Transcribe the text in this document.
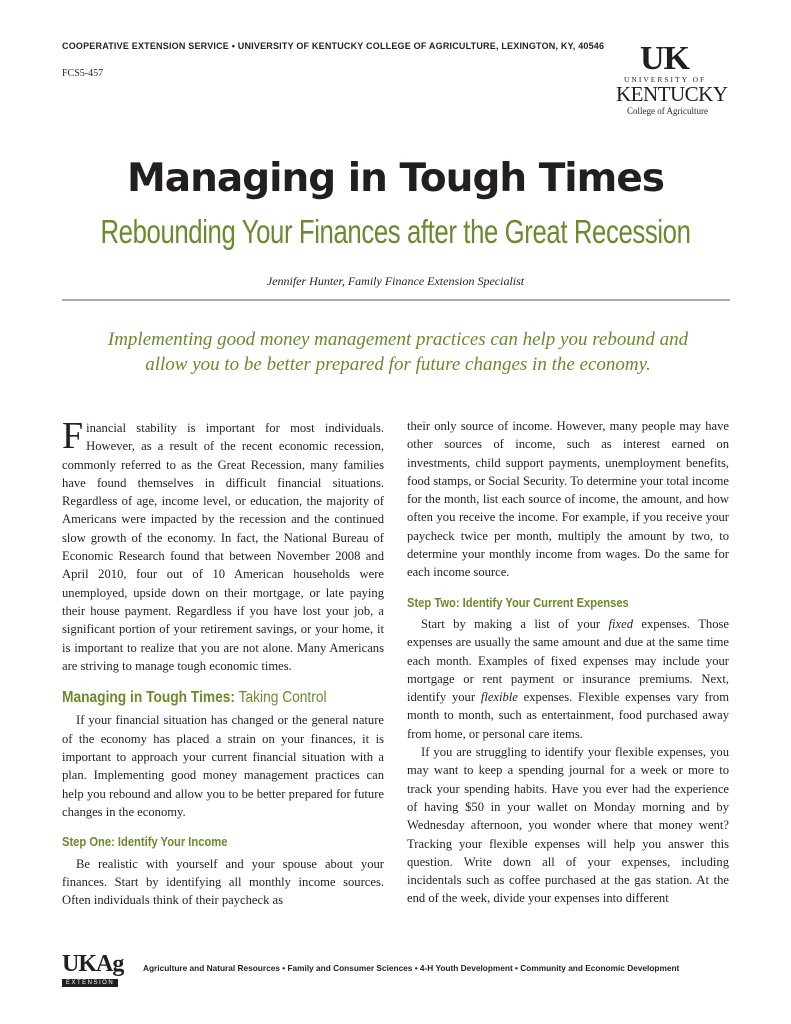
COOPERATIVE EXTENSION SERVICE • UNIVERSITY OF KENTUCKY COLLEGE OF AGRICULTURE, LEXINGTON, KY, 40546
FCS5-457	UK
UNIVERSITY OF
KENTUCKY
College of Agriculture
Managing in Tough Times
Rebounding Your Finances after the Great Recession
Jennifer Hunter, Family Finance Extension Specialist
Implementing good money management practices can help you rebound and allow you to be better prepared for future changes in the economy.

Financial stability is important for most individuals. However, as a result of the recent economic recession, commonly referred to as the Great Recession, many families have found themselves in difficult financial situations. Regardless of age, income level, or education, the majority of Americans were impacted by the recession and the continued slow growth of the economy. In fact, the National Bureau of Economic Research found that between November 2008 and April 2010, four out of 10 American households were unemployed, upside down on their mortgage, or late paying their house payment. Regardless if you have lost your job, a significant portion of your retirement savings, or your home, it is important to realize that you are not alone. Many Americans are striving to manage tough economic times.

Managing in Tough Times: Taking Control

If your financial situation has changed or the general nature of the economy has placed a strain on your finances, it is important to approach your current financial situation with a plan. Implementing good money management practices can help you rebound and allow you to be better prepared for future changes in the economy.

Step One: Identify Your Income

Be realistic with yourself and your spouse about your finances. Start by identifying all monthly income sources. Often individuals think of their paycheck as

their only source of income. However, many people may have other sources of income, such as interest earned on investments, child support payments, unemployment benefits, food stamps, or Social Security. To determine your total income for the month, list each source of income, the amount, and how often you receive the income. For example, if you receive your paycheck twice per month, multiply the amount by two, to determine your monthly income from wages. Do the same for each income source.

Step Two: Identify Your Current Expenses

Start by making a list of your fixed expenses. Those expenses are usually the same amount and due at the same time each month. Examples of fixed expenses may include your mortgage or rent payment or insurance premiums. Next, identify your flexible expenses. Flexible expenses vary from month to month, such as entertainment, food purchased away from home, or personal care items.

If you are struggling to identify your flexible expenses, you may want to keep a spending journal for a week or more to track your spending habits. Have you ever had the experience of having $50 in your wallet on Monday morning and by Wednesday afternoon, you wonder where that money went? Tracking your flexible expenses will help you answer this question. Write down all of your expenses, including incidentals such as coffee purchased at the gas station. At the end of the week, divide your expenses into different

UKAg
EXTENSION
Agriculture and Natural Resources • Family and Consumer Sciences • 4-H Youth Development • Community and Economic Development
